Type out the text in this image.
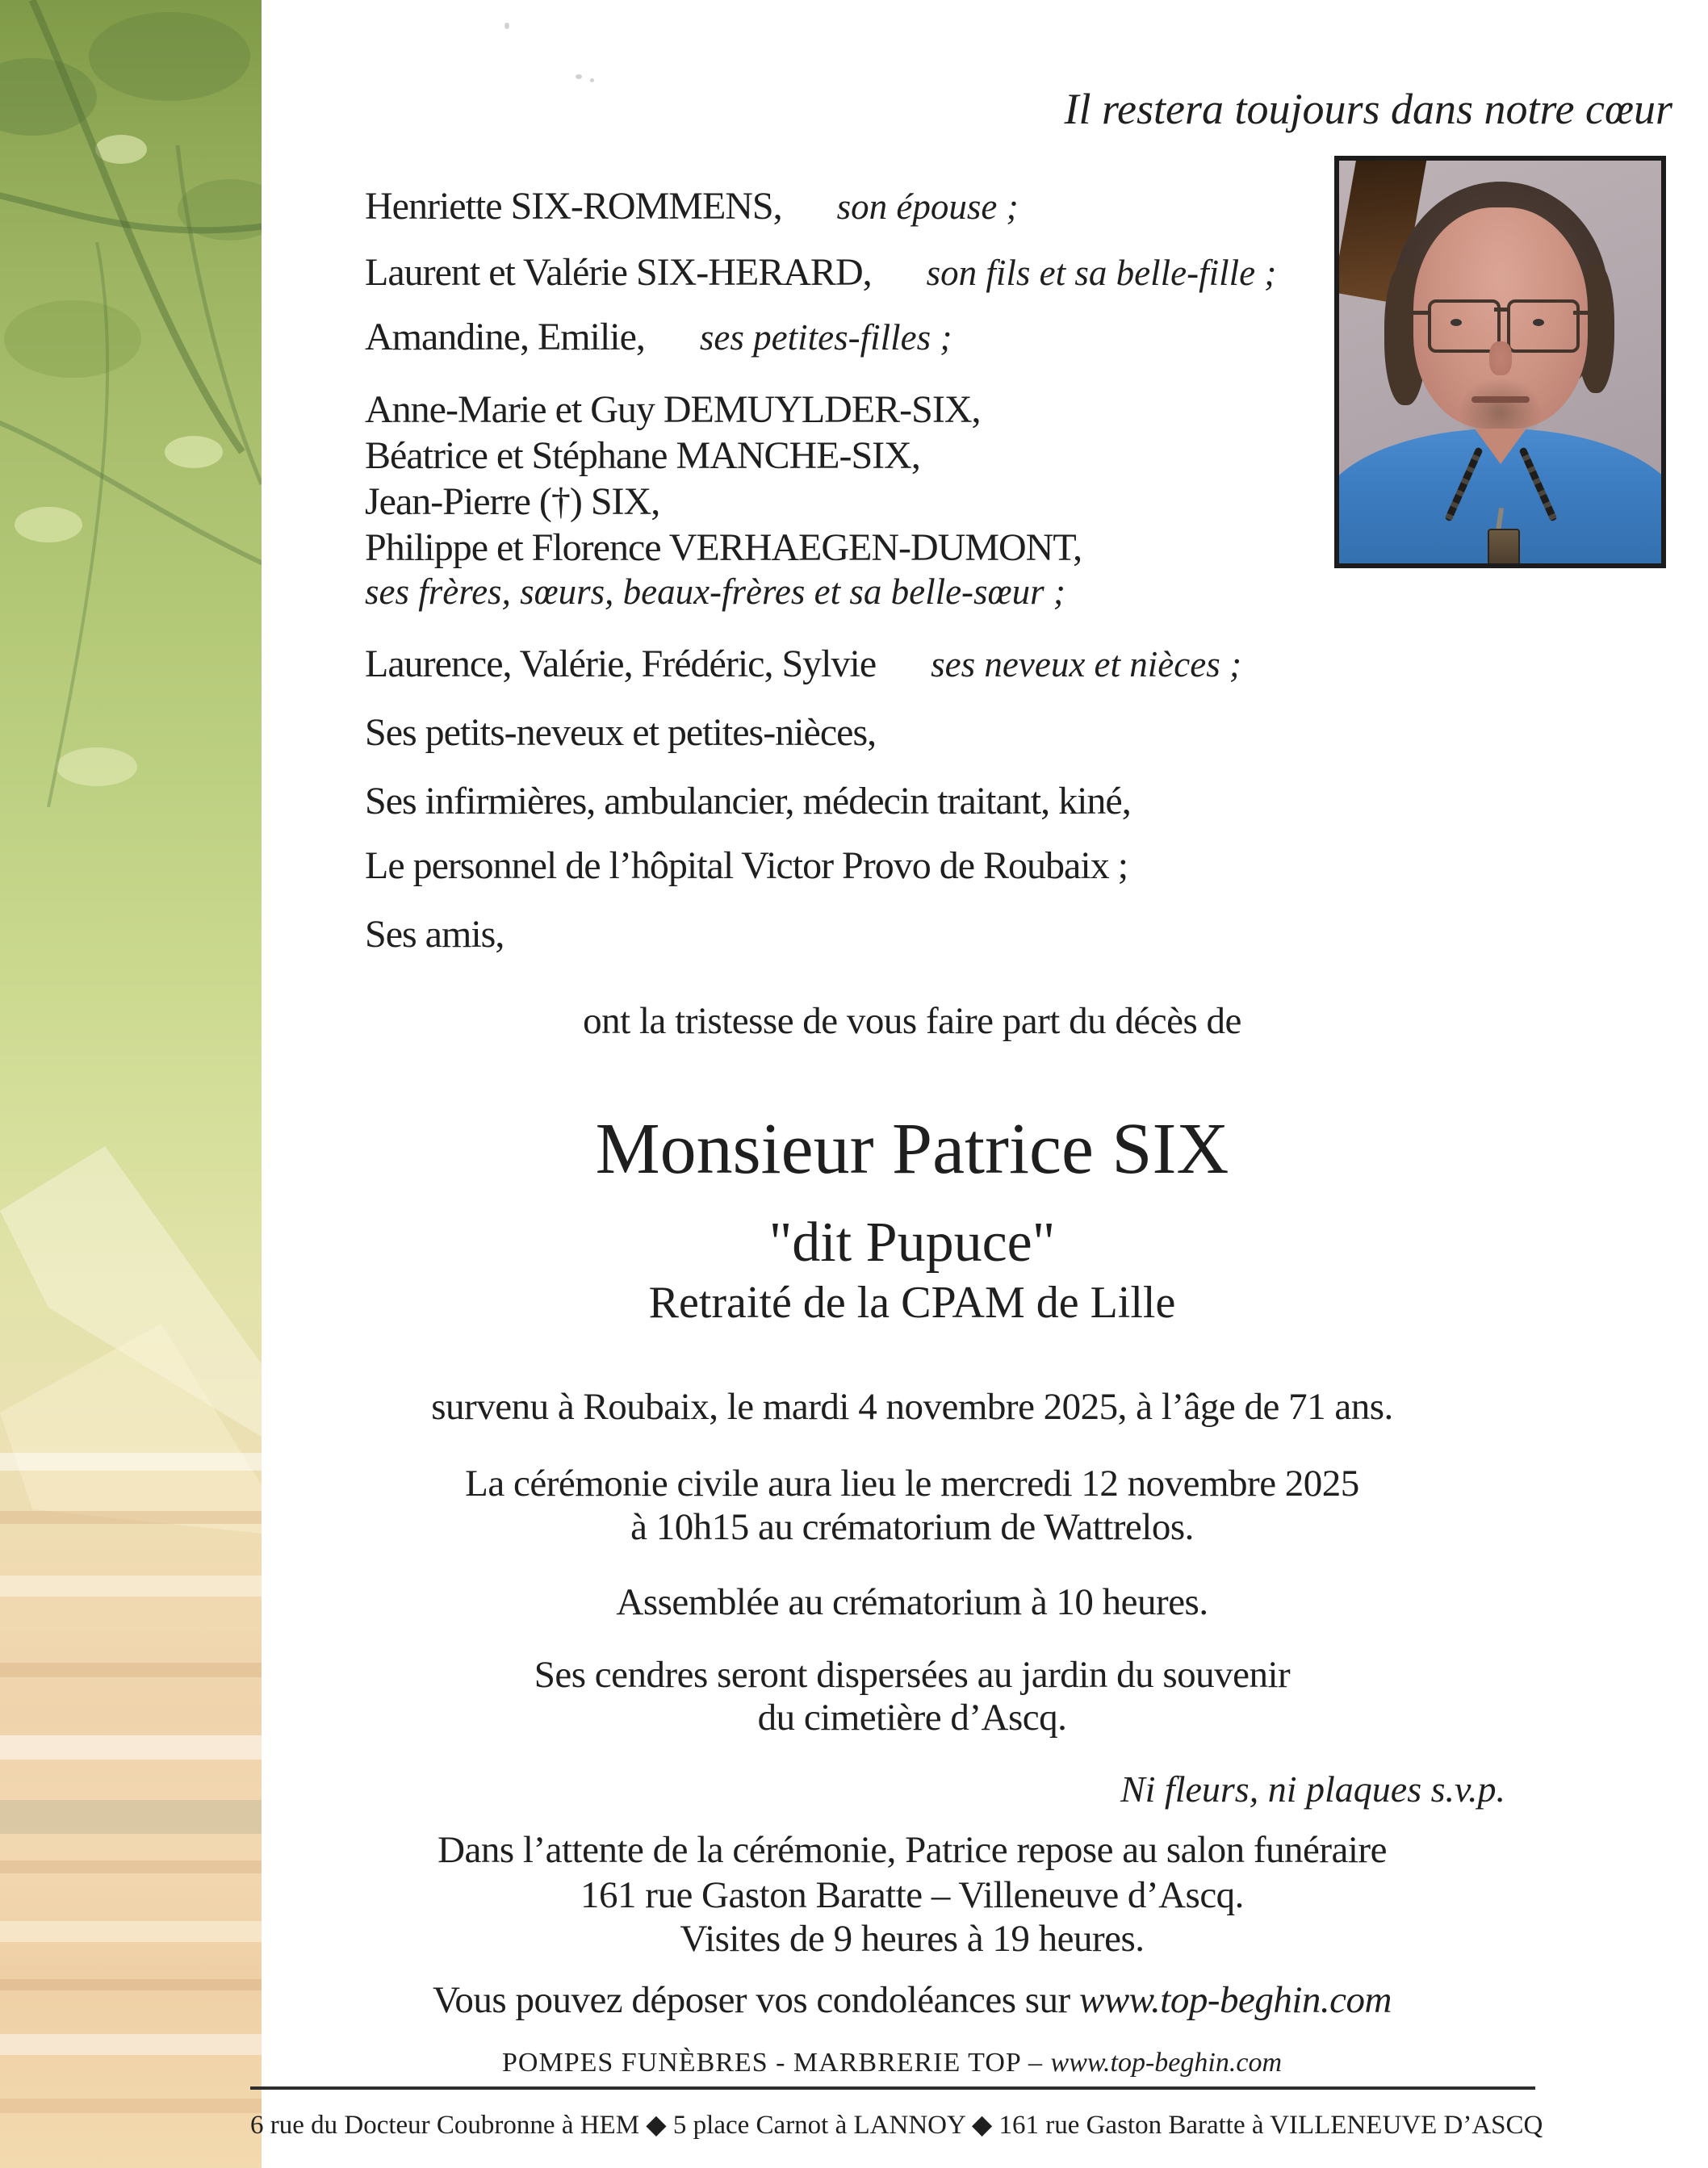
Il restera toujours dans notre cœur
Henriette SIX-ROMMENS, son épouse ;
Laurent et Valérie SIX-HERARD, son fils et sa belle-fille ;
Amandine, Emilie, ses petites-filles ;
Anne-Marie et Guy DEMUYLDER-SIX,
Béatrice et Stéphane MANCHE-SIX,
Jean-Pierre (†) SIX,
Philippe et Florence VERHAEGEN-DUMONT,
ses frères, sœurs, beaux-frères et sa belle-sœur ;
Laurence, Valérie, Frédéric, Sylvie ses neveux et nièces ;
Ses petits-neveux et petites-nièces,
Ses infirmières, ambulancier, médecin traitant, kiné,
Le personnel de l’hôpital Victor Provo de Roubaix ;
Ses amis,
ont la tristesse de vous faire part du décès de
Monsieur Patrice SIX
"dit Pupuce"
Retraité de la CPAM de Lille
survenu à Roubaix, le mardi 4 novembre 2025, à l’âge de 71 ans.
La cérémonie civile aura lieu le mercredi 12 novembre 2025
à 10h15 au crématorium de Wattrelos.
Assemblée au crématorium à 10 heures.
Ses cendres seront dispersées au jardin du souvenir
du cimetière d’Ascq.
Ni fleurs, ni plaques s.v.p.
Dans l’attente de la cérémonie, Patrice repose au salon funéraire
161 rue Gaston Baratte – Villeneuve d’Ascq.
Visites de 9 heures à 19 heures.
Vous pouvez déposer vos condoléances sur www.top-beghin.com
POMPES FUNÈBRES - MARBRERIE TOP – www.top-beghin.com
6 rue du Docteur Coubronne à HEM ◆ 5 place Carnot à LANNOY ◆ 161 rue Gaston Baratte à VILLENEUVE D’ASCQ
